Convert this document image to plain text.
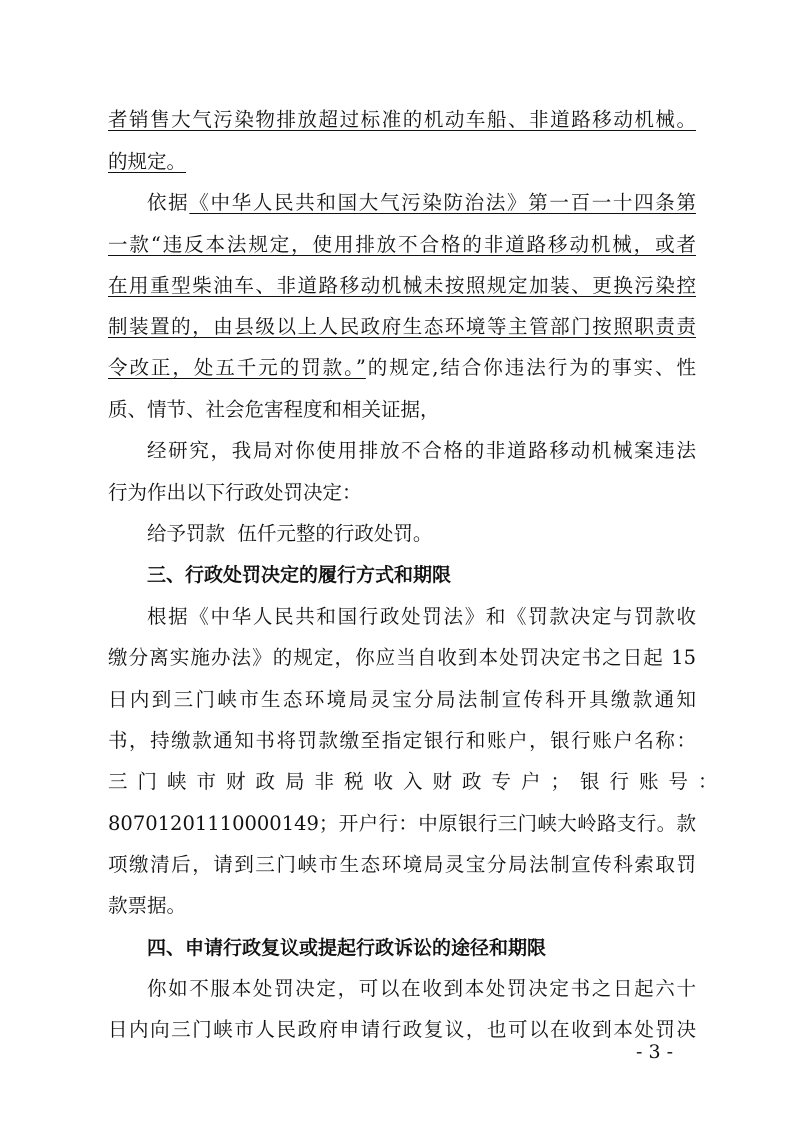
者销售大气污染物排放超过标准的机动车船、非道路移动机械。
的规定。
依据《中华人民共和国大气污染防治法》第一百一十四条第
一款“违反本法规定，使用排放不合格的非道路移动机械，或者
在用重型柴油车、非道路移动机械未按照规定加装、更换污染控
制装置的，由县级以上人民政府生态环境等主管部门按照职责责
令改正，处五千元的罚款。”的规定,结合你违法行为的事实、性
质、情节、社会危害程度和相关证据，
经研究，我局对你使用排放不合格的非道路移动机械案违法
行为作出以下行政处罚决定：
给予罚款  伍仟元整的行政处罚。
三、行政处罚决定的履行方式和期限
根据《中华人民共和国行政处罚法》和《罚款决定与罚款收
缴分离实施办法》的规定，你应当自收到本处罚决定书之日起 15
日内到三门峡市生态环境局灵宝分局法制宣传科开具缴款通知
书，持缴款通知书将罚款缴至指定银行和账户，银行账户名称：
三门峡市财政局非税收入财政专户；银行账号：
80701201110000149；开户行：中原银行三门峡大岭路支行。款
项缴清后，请到三门峡市生态环境局灵宝分局法制宣传科索取罚
款票据。
四、申请行政复议或提起行政诉讼的途径和期限
你如不服本处罚决定，可以在收到本处罚决定书之日起六十
日内向三门峡市人民政府申请行政复议，也可以在收到本处罚决
- 3 -
